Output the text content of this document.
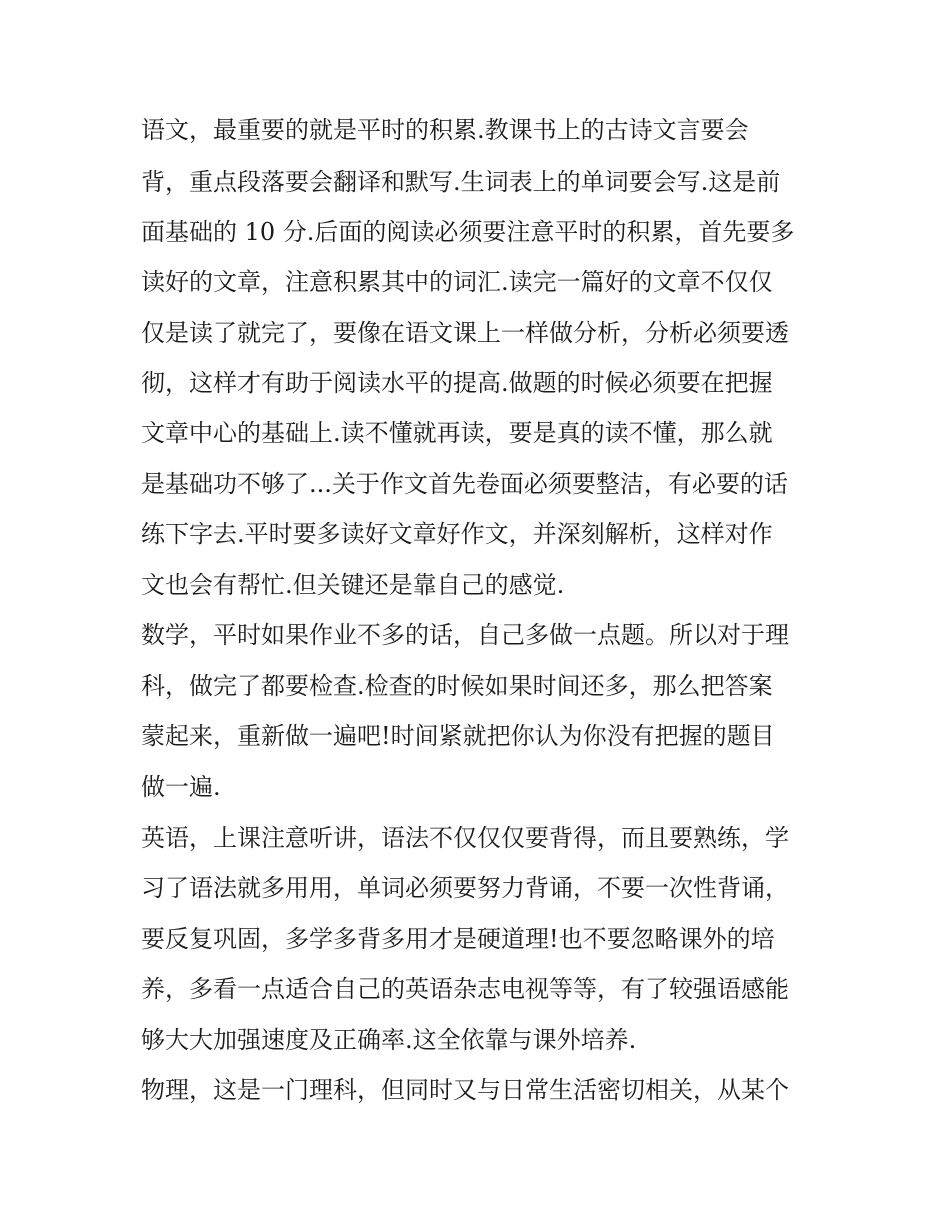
语文，最重要的就是平时的积累.教课书上的古诗文言要会
背，重点段落要会翻译和默写.生词表上的单词要会写.这是前
面基础的 10 分.后面的阅读必须要注意平时的积累，首先要多
读好的文章，注意积累其中的词汇.读完一篇好的文章不仅仅
仅是读了就完了，要像在语文课上一样做分析，分析必须要透
彻，这样才有助于阅读水平的提高.做题的时候必须要在把握
文章中心的基础上.读不懂就再读，要是真的读不懂，那么就
是基础功不够了...关于作文首先卷面必须要整洁，有必要的话
练下字去.平时要多读好文章好作文，并深刻解析，这样对作
文也会有帮忙.但关键还是靠自己的感觉.
数学，平时如果作业不多的话，自己多做一点题。所以对于理
科，做完了都要检查.检查的时候如果时间还多，那么把答案
蒙起来，重新做一遍吧!时间紧就把你认为你没有把握的题目
做一遍.
英语，上课注意听讲，语法不仅仅仅要背得，而且要熟练，学
习了语法就多用用，单词必须要努力背诵，不要一次性背诵，
要反复巩固，多学多背多用才是硬道理!也不要忽略课外的培
养，多看一点适合自己的英语杂志电视等等，有了较强语感能
够大大加强速度及正确率.这全依靠与课外培养.
物理，这是一门理科，但同时又与日常生活密切相关，从某个
